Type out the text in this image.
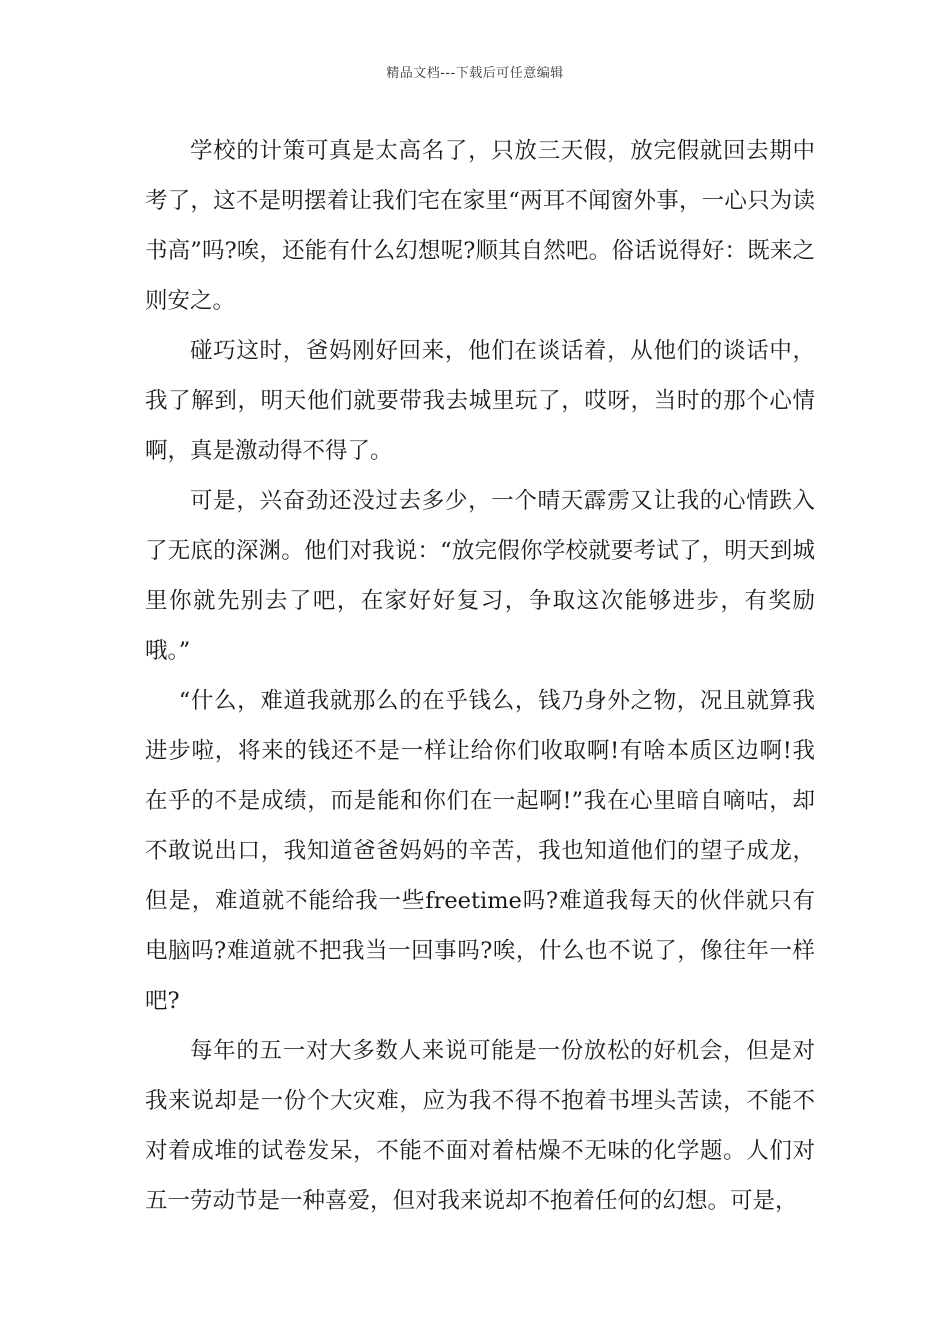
精品文档---下载后可任意编辑

学校的计策可真是太高名了，只放三天假，放完假就回去期中考了，这不是明摆着让我们宅在家里“两耳不闻窗外事，一心只为读书高”吗?唉，还能有什么幻想呢?顺其自然吧。俗话说得好：既来之则安之。

碰巧这时，爸妈刚好回来，他们在谈话着，从他们的谈话中，我了解到，明天他们就要带我去城里玩了，哎呀，当时的那个心情啊，真是激动得不得了。

可是，兴奋劲还没过去多少，一个晴天霹雳又让我的心情跌入了无底的深渊。他们对我说：“放完假你学校就要考试了，明天到城里你就先别去了吧，在家好好复习，争取这次能够进步，有奖励哦。”

“什么，难道我就那么的在乎钱么，钱乃身外之物，况且就算我进步啦，将来的钱还不是一样让给你们收取啊!有啥本质区边啊!我在乎的不是成绩，而是能和你们在一起啊!”我在心里暗自嘀咕，却不敢说出口，我知道爸爸妈妈的辛苦，我也知道他们的望子成龙，但是，难道就不能给我一些freetime吗?难道我每天的伙伴就只有电脑吗?难道就不把我当一回事吗?唉，什么也不说了，像往年一样吧?

每年的五一对大多数人来说可能是一份放松的好机会，但是对我来说却是一份个大灾难，应为我不得不抱着书埋头苦读，不能不对着成堆的试卷发呆，不能不面对着枯燥不无味的化学题。人们对五一劳动节是一种喜爱，但对我来说却不抱着任何的幻想。可是，
